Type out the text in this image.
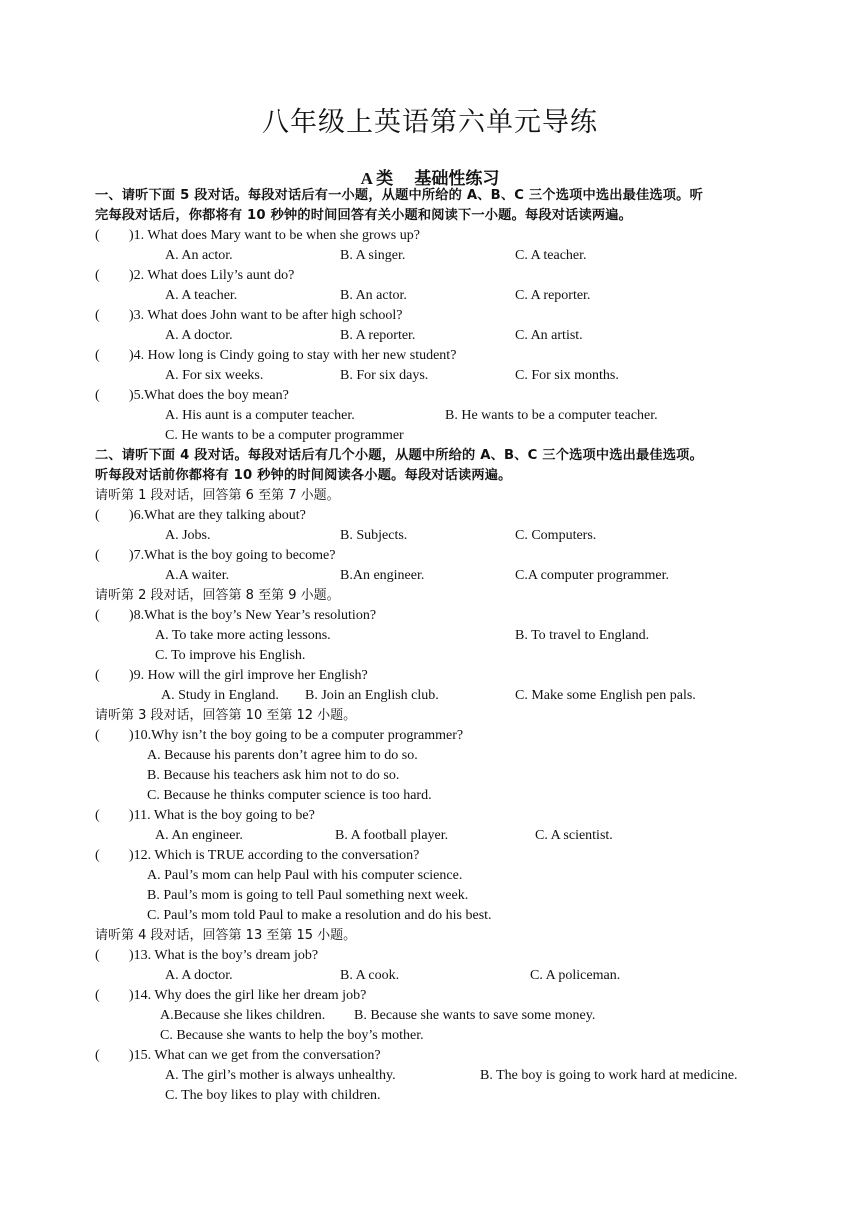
八年级上英语第六单元导练
A 类     基础性练习
一、请听下面 5 段对话。每段对话后有一小题，从题中所给的 A、B、C 三个选项中选出最佳选项。听
完每段对话后，你都将有 10 秒钟的时间回答有关小题和阅读下一小题。每段对话读两遍。
( )1. What does Mary want to be when she grows up?
A. An actor.	B. A singer.	C. A teacher.
( )2. What does Lily’s aunt do?
A. A teacher.	B. An actor.	C. A reporter.
( )3. What does John want to be after high school?
A. A doctor.	B. A reporter.	C. An artist.
( )4. How long is Cindy going to stay with her new student?
A. For six weeks.	B. For six days.	C. For six months.
( )5.What does the boy mean?
A. His aunt is a computer teacher.	B. He wants to be a computer teacher.
C. He wants to be a computer programmer
二、请听下面 4 段对话。每段对话后有几个小题，从题中所给的 A、B、C 三个选项中选出最佳选项。
听每段对话前你都将有 10 秒钟的时间阅读各小题。每段对话读两遍。
请听第 1 段对话，回答第 6 至第 7 小题。
( )6.What are they talking about?
A. Jobs.	B. Subjects.	C. Computers.
( )7.What is the boy going to become?
A.A waiter.	B.An engineer.	C.A computer programmer.
请听第 2 段对话，回答第 8 至第 9 小题。
( )8.What is the boy’s New Year’s resolution?
A. To take more acting lessons.	B. To travel to England.
C. To improve his English.
( )9. How will the girl improve her English?
A. Study in England. B. Join an English club.	C. Make some English pen pals.
请听第 3 段对话，回答第 10 至第 12 小题。
( )10.Why isn’t the boy going to be a computer programmer?
A. Because his parents don’t agree him to do so.
B. Because his teachers ask him not to do so.
C. Because he thinks computer science is too hard.
( )11. What is the boy going to be?
A. An engineer.	B. A football player.	C. A scientist.
( )12. Which is TRUE according to the conversation?
A. Paul’s mom can help Paul with his computer science.
B. Paul’s mom is going to tell Paul something next week.
C. Paul’s mom told Paul to make a resolution and do his best.
请听第 4 段对话，回答第 13 至第 15 小题。
( )13. What is the boy’s dream job?
A. A doctor.	B. A cook.	C. A policeman.
( )14. Why does the girl like her dream job?
A.Because she likes children. B. Because she wants to save some money.
C. Because she wants to help the boy’s mother.
( )15. What can we get from the conversation?
A. The girl’s mother is always unhealthy.	B. The boy is going to work hard at medicine.
C. The boy likes to play with children.
